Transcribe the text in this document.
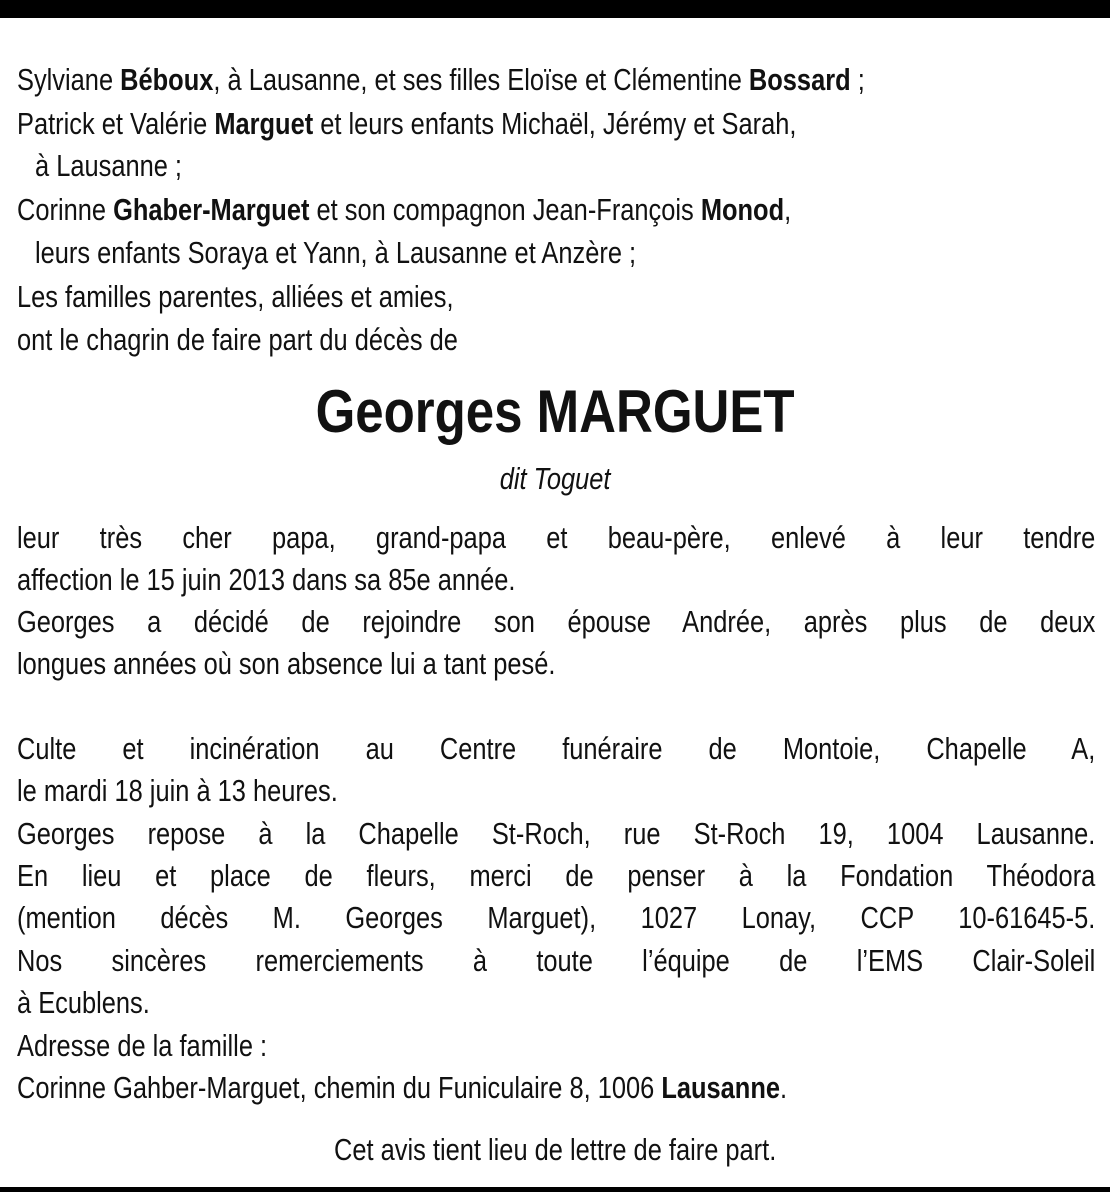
Sylviane Béboux, à Lausanne, et ses filles Eloïse et Clémentine Bossard ;
Patrick et Valérie Marguet et leurs enfants Michaël, Jérémy et Sarah,
à Lausanne ;
Corinne Ghaber-Marguet et son compagnon Jean-François Monod,
leurs enfants Soraya et Yann, à Lausanne et Anzère ;
Les familles parentes, alliées et amies,
ont le chagrin de faire part du décès de
Georges MARGUET
dit Toguet
leur très cher papa, grand-papa et beau-père, enlevé à leur tendre
affection le 15 juin 2013 dans sa 85e année.
Georges a décidé de rejoindre son épouse Andrée, après plus de deux
longues années où son absence lui a tant pesé.
Culte et incinération au Centre funéraire de Montoie, Chapelle A,
le mardi 18 juin à 13 heures.
Georges repose à la Chapelle St-Roch, rue St-Roch 19, 1004 Lausanne.
En lieu et place de fleurs, merci de penser à la Fondation Théodora
(mention décès M. Georges Marguet), 1027 Lonay, CCP 10-61645-5.
Nos sincères remerciements à toute l’équipe de l’EMS Clair-Soleil
à Ecublens.
Adresse de la famille :
Corinne Gahber-Marguet, chemin du Funiculaire 8, 1006 Lausanne.
Cet avis tient lieu de lettre de faire part.
